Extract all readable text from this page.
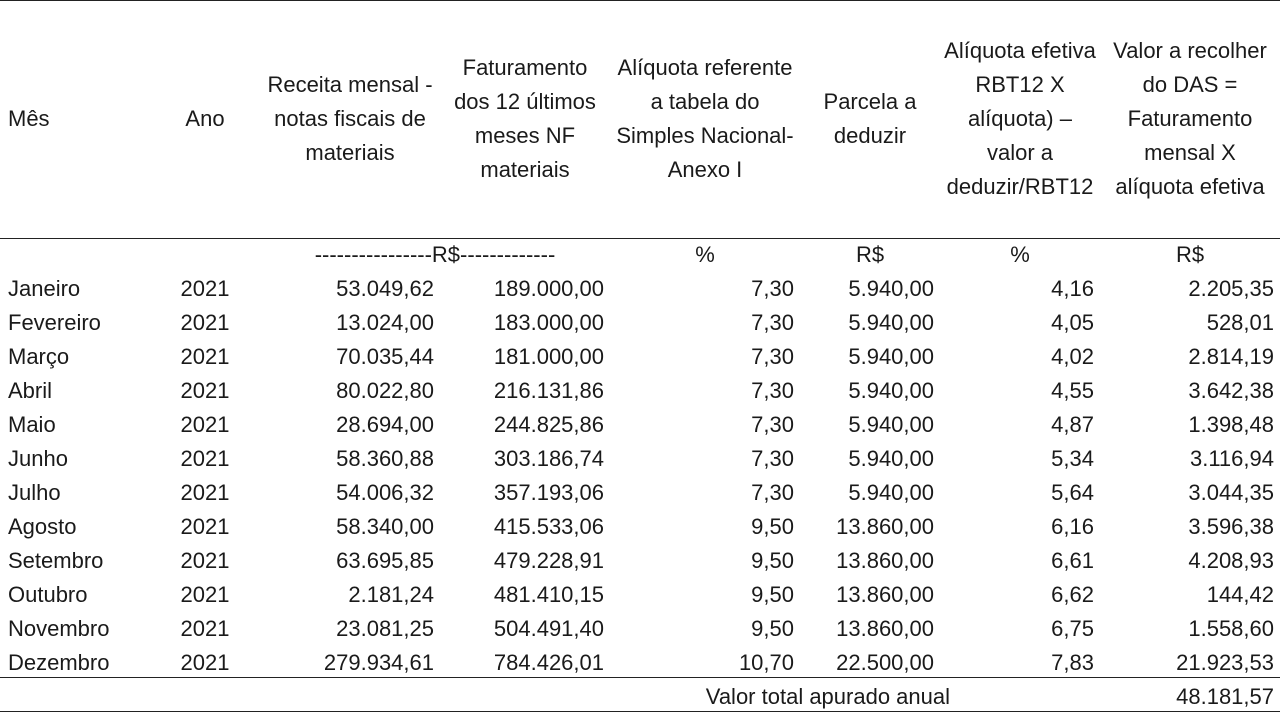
Mês	Ano	Receita mensal - notas fiscais de materiais	Faturamento dos 12 últimos meses NF materiais	Alíquota referente a tabela do Simples Nacional- Anexo I	Parcela a deduzir	Alíquota efetiva RBT12 X alíquota) – valor a deduzir/RBT12	Valor a recolher do DAS = Faturamento mensal X alíquota efetiva
		----------------R$-------------		%	R$	%	R$
Janeiro	2021	53.049,62	189.000,00	7,30	5.940,00	4,16	2.205,35
Fevereiro	2021	13.024,00	183.000,00	7,30	5.940,00	4,05	528,01
Março	2021	70.035,44	181.000,00	7,30	5.940,00	4,02	2.814,19
Abril	2021	80.022,80	216.131,86	7,30	5.940,00	4,55	3.642,38
Maio	2021	28.694,00	244.825,86	7,30	5.940,00	4,87	1.398,48
Junho	2021	58.360,88	303.186,74	7,30	5.940,00	5,34	3.116,94
Julho	2021	54.006,32	357.193,06	7,30	5.940,00	5,64	3.044,35
Agosto	2021	58.340,00	415.533,06	9,50	13.860,00	6,16	3.596,38
Setembro	2021	63.695,85	479.228,91	9,50	13.860,00	6,61	4.208,93
Outubro	2021	2.181,24	481.410,15	9,50	13.860,00	6,62	144,42
Novembro	2021	23.081,25	504.491,40	9,50	13.860,00	6,75	1.558,60
Dezembro	2021	279.934,61	784.426,01	10,70	22.500,00	7,83	21.923,53
Valor total apurado anual							48.181,57
